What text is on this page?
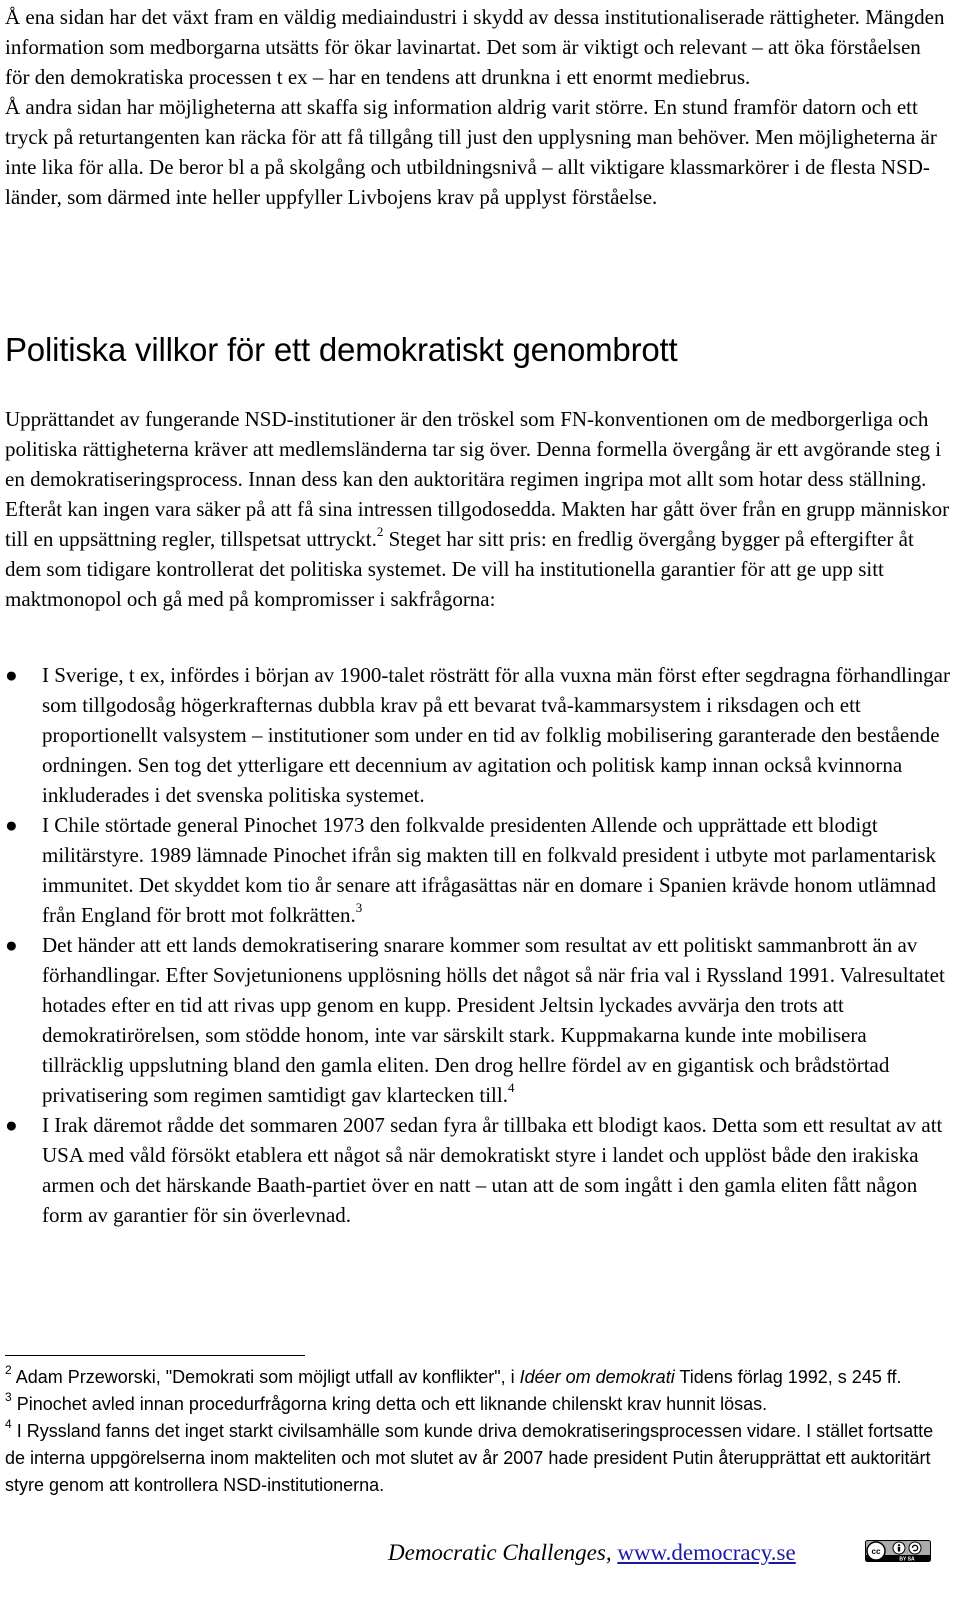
Å ena sidan har det växt fram en väldig mediaindustri i skydd av dessa institutionaliserade rättigheter. Mängden information som medborgarna utsätts för ökar lavinartat. Det som är viktigt och relevant – att öka förståelsen för den demokratiska processen t ex – har en tendens att drunkna i ett enormt mediebrus.
Å andra sidan har möjligheterna att skaffa sig information aldrig varit större. En stund framför datorn och ett tryck på returtangenten kan räcka för att få tillgång till just den upplysning man behöver. Men möjligheterna är inte lika för alla. De beror bl a på skolgång och utbildningsnivå – allt viktigare klassmarkörer i de flesta NSD-länder, som därmed inte heller uppfyller Livbojens krav på upplyst förståelse.

Politiska villkor för ett demokratiskt genombrott

Upprättandet av fungerande NSD-institutioner är den tröskel som FN-konventionen om de medborgerliga och politiska rättigheterna kräver att medlemsländerna tar sig över. Denna formella övergång är ett avgörande steg i en demokratiseringsprocess. Innan dess kan den auktoritära regimen ingripa mot allt som hotar dess ställning. Efteråt kan ingen vara säker på att få sina intressen tillgodosedda. Makten har gått över från en grupp människor till en uppsättning regler, tillspetsat uttryckt.$^2$ Steget har sitt pris: en fredlig övergång bygger på eftergifter åt dem som tidigare kontrollerat det politiska systemet. De vill ha institutionella garantier för att ge upp sitt maktmonopol och gå med på kompromisser i sakfrågorna:

● I Sverige, t ex, infördes i början av 1900-talet rösträtt för alla vuxna män först efter segdragna förhandlingar som tillgodosåg högerkrafternas dubbla krav på ett bevarat två-kammarsystem i riksdagen och ett proportionellt valsystem – institutioner som under en tid av folklig mobilisering garanterade den bestående ordningen. Sen tog det ytterligare ett decennium av agitation och politisk kamp innan också kvinnorna inkluderades i det svenska politiska systemet.
● I Chile störtade general Pinochet 1973 den folkvalde presidenten Allende och upprättade ett blodigt militärstyre. 1989 lämnade Pinochet ifrån sig makten till en folkvald president i utbyte mot parlamentarisk immunitet. Det skyddet kom tio år senare att ifrågasättas när en domare i Spanien krävde honom utlämnad från England för brott mot folkrätten.$^3$
● Det händer att ett lands demokratisering snarare kommer som resultat av ett politiskt sammanbrott än av förhandlingar. Efter Sovjetunionens upplösning hölls det något så när fria val i Ryssland 1991. Valresultatet hotades efter en tid att rivas upp genom en kupp. President Jeltsin lyckades avvärja den trots att demokratirörelsen, som stödde honom, inte var särskilt stark. Kuppmakarna kunde inte mobilisera tillräcklig uppslutning bland den gamla eliten. Den drog hellre fördel av en gigantisk och brådstörtad privatisering som regimen samtidigt gav klartecken till.$^4$
● I Irak däremot rådde det sommaren 2007 sedan fyra år tillbaka ett blodigt kaos. Detta som ett resultat av att USA med våld försökt etablera ett något så när demokratiskt styre i landet och upplöst både den irakiska armen och det härskande Baath-partiet över en natt – utan att de som ingått i den gamla eliten fått någon form av garantier för sin överlevnad.

$^2$ Adam Przeworski, "Demokrati som möjligt utfall av konflikter", i Idéer om demokrati Tidens förlag 1992, s 245 ff.

$^3$ Pinochet avled innan procedurfrågorna kring detta och ett liknande chilenskt krav hunnit lösas.

$^4$ I Ryssland fanns det inget starkt civilsamhälle som kunde driva demokratiseringsprocessen vidare. I stället fortsatte de interna uppgörelserna inom makteliten och mot slutet av år 2007 hade president Putin återupprättat ett auktoritärt styre genom att kontrollera NSD-institutionerna.

Democratic Challenges, www.democracy.se	cc
BY SA
